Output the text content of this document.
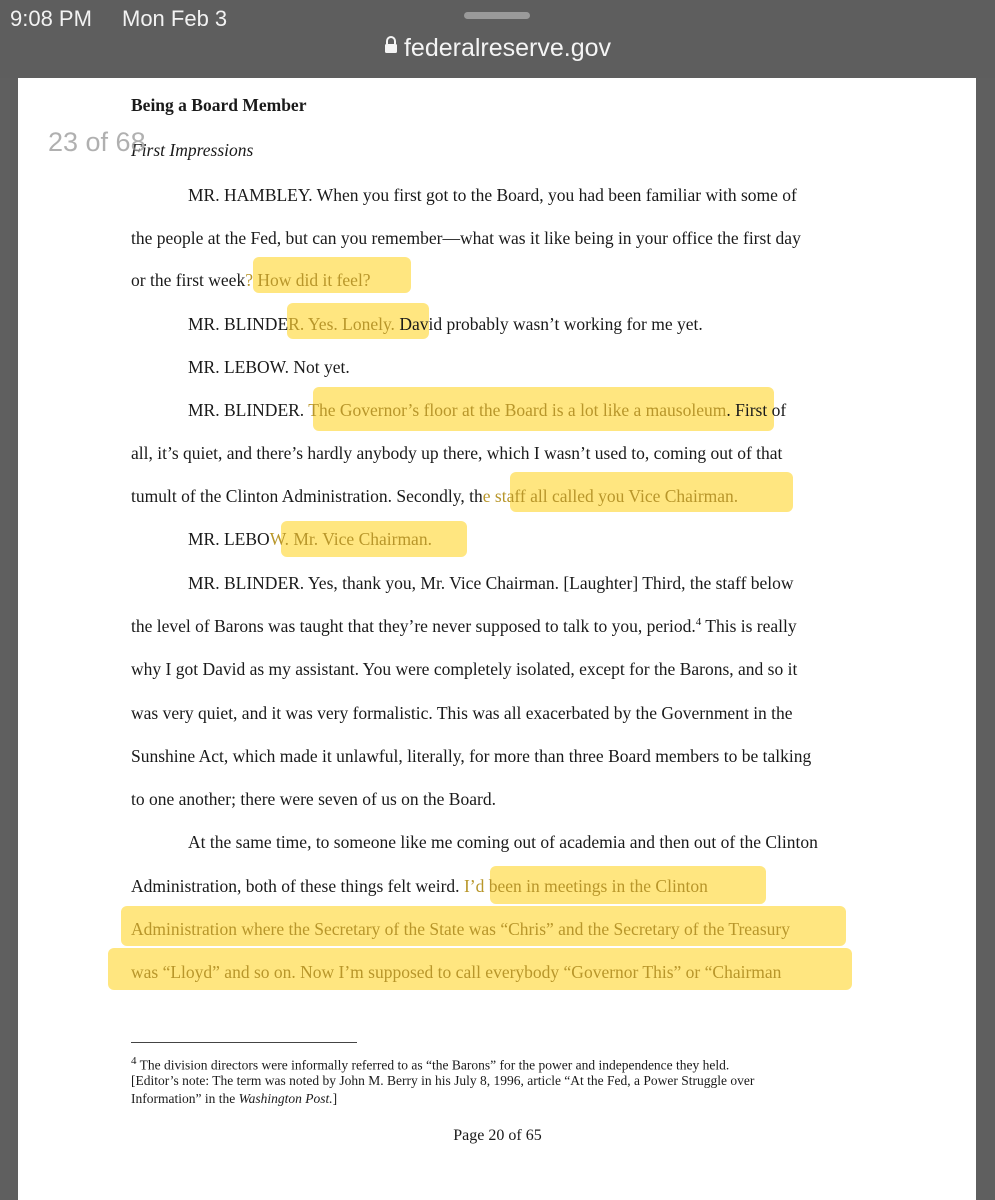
9:08 PM Mon Feb 3
federalreserve.gov
23 of 68
Being a Board Member
First Impressions
MR. HAMBLEY. When you first got to the Board, you had been familiar with some of
the people at the Fed, but can you remember—what was it like being in your office the first day
or the first week? How did it feel?
MR. BLINDER. Yes. Lonely. David probably wasn’t working for me yet.
MR. LEBOW. Not yet.
MR. BLINDER. The Governor’s floor at the Board is a lot like a mausoleum. First of
all, it’s quiet, and there’s hardly anybody up there, which I wasn’t used to, coming out of that
tumult of the Clinton Administration. Secondly, the staff all called you Vice Chairman.
MR. LEBOW. Mr. Vice Chairman.
MR. BLINDER. Yes, thank you, Mr. Vice Chairman. [Laughter] Third, the staff below
the level of Barons was taught that they’re never supposed to talk to you, period.$^4$ This is really
why I got David as my assistant. You were completely isolated, except for the Barons, and so it
was very quiet, and it was very formalistic. This was all exacerbated by the Government in the
Sunshine Act, which made it unlawful, literally, for more than three Board members to be talking
to one another; there were seven of us on the Board.
At the same time, to someone like me coming out of academia and then out of the Clinton
Administration, both of these things felt weird. I’d been in meetings in the Clinton
Administration where the Secretary of the State was “Chris” and the Secretary of the Treasury
was “Lloyd” and so on. Now I’m supposed to call everybody “Governor This” or “Chairman
$^4$ The division directors were informally referred to as “the Barons” for the power and independence they held.
[Editor’s note: The term was noted by John M. Berry in his July 8, 1996, article “At the Fed, a Power Struggle over
Information” in the Washington Post.]
Page 20 of 65
